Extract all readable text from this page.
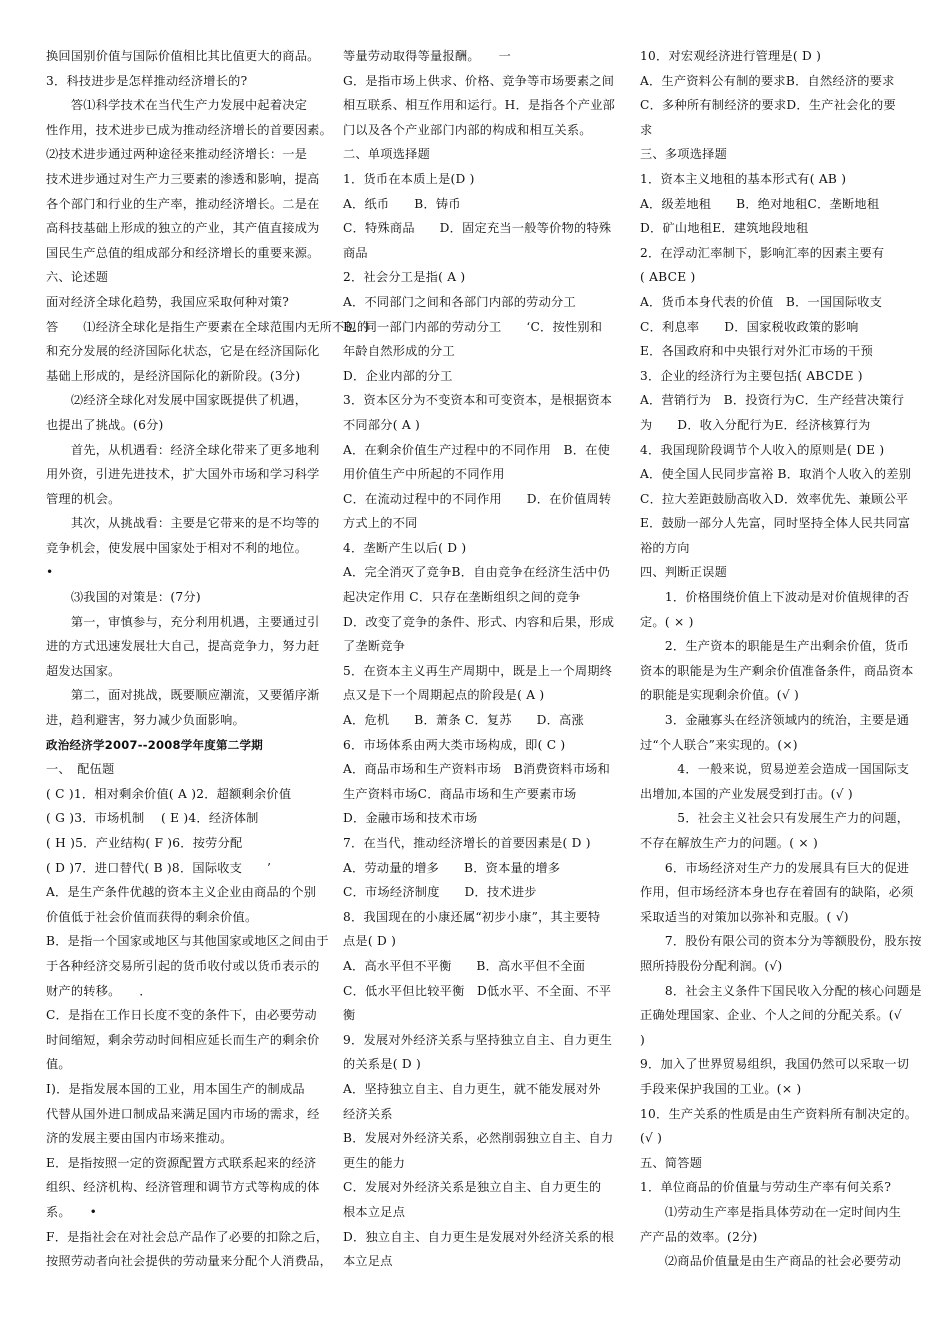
换回国别价值与国际价值相比其比值更大的商品。
3．科技进步是怎样推动经济增长的?
　　答⑴科学技术在当代生产力发展中起着决定
性作用，技术进步已成为推动经济增长的首要因素。
⑵技术进步通过两种途径来推动经济增长：一是
技术进步通过对生产力三要素的渗透和影响，提高
各个部门和行业的生产率，推动经济增长。二是在
高科技基础上形成的独立的产业，其产值直接成为
国民生产总值的组成部分和经济增长的重要来源。
六、论述题
面对经济全球化趋势，我国应采取何种对策?
答　　⑴经济全球化是指生产要素在全球范围内无所不包的
和充分发展的经济国际化状态，它是在经济国际化
基础上形成的，是经济国际化的新阶段。(3分)
　　⑵经济全球化对发展中国家既提供了机遇，
也提出了挑战。(6分)
　　首先，从机遇看：经济全球化带来了更多地利
用外资，引进先进技术，扩大国外市场和学习科学
管理的机会。
　　其次，从挑战看：主要是它带来的是不均等的
竞争机会，使发展中国家处于相对不利的地位。
•
　　⑶我国的对策是：(7分)
　　第一，审慎参与，充分利用机遇，主要通过引
进的方式迅速发展壮大自己，提高竞争力，努力赶
超发达国家。
　　第二，面对挑战，既要顺应潮流，又要循序渐
进，趋利避害，努力减少负面影响。
政治经济学2007--2008学年度第二学期
一、　配伍题
( C )1．相对剩余价值( A )2．超额剩余价值
( G )3．市场机制　 ( E )4．经济体制
( H )5．产业结构( F )6．按劳分配
( D )7．进口替代( B )8．国际收支　　’
A．是生产条件优越的资本主义企业由商品的个别
价值低于社会价值而获得的剩余价值。
B．是指一个国家或地区与其他国家或地区之间由于
于各种经济交易所引起的货币收付或以货币表示的
财产的转移。　　．
C．是指在工作日长度不变的条件下，由必要劳动
时间缩短，剩余劳动时间相应延长而生产的剩余价
值。
I)．是指发展本国的工业，用本国生产的制成品
代替从国外进口制成品来满足国内市场的需求，经
济的发展主要由国内市场来推动。
E．是指按照一定的资源配置方式联系起来的经济
组织、经济机构、经济管理和调节方式等构成的体
系。　　•
F．是指社会在对社会总产品作了必要的扣除之后，
按照劳动者向社会提供的劳动量来分配个人消费品，
等量劳动取得等量报酬。　　一
G．是指市场上供求、价格、竞争等市场要素之间
相互联系、相互作用和运行。H．是指各个产业部
门以及各个产业部门内部的构成和相互关系。
二、单项选择题
1．货币在本质上是(D )
A．纸币　　B．铸币
C．特殊商品　　D．固定充当一般等价物的特殊
商品
2．社会分工是指( A )
A．不同部门之间和各部门内部的劳动分工
B．同一部门内部的劳动分工　　‘C．按性别和
年龄自然形成的分工
D．企业内部的分工
3．资本区分为不变资本和可变资本，是根据资本
不同部分( A )
A．在剩余价值生产过程中的不同作用　B．在使
用价值生产中所起的不同作用
C．在流动过程中的不同作用　　D．在价值周转
方式上的不同
4．垄断产生以后( D )
A．完全消灭了竞争B．自由竞争在经济生活中仍
起决定作用 C．只存在垄断组织之间的竞争
D．改变了竞争的条件、形式、内容和后果，形成
了垄断竞争
5．在资本主义再生产周期中，既是上一个周期终
点又是下一个周期起点的阶段是( A )
A．危机　　B．萧条 C．复苏　　D．高涨
6．市场体系由两大类市场构成，即( C )
A．商品市场和生产资料市场　B消费资料市场和
生产资料市场C．商品市场和生产要素市场
D．金融市场和技术市场
7．在当代，推动经济增长的首要因素是( D )
A．劳动量的增多　　B．资本量的增多
C．市场经济制度　　D．技术进步
8．我国现在的小康还属“初步小康”，其主要特
点是( D )
A．高水平但不平衡　　B．高水平但不全面
C．低水平但比较平衡　D低水平、不全面、不平
衡
9．发展对外经济关系与坚持独立自主、自力更生
的关系是( D )
A．坚持独立自主、自力更生，就不能发展对外
经济关系
B．发展对外经济关系，必然削弱独立自主、自力
更生的能力
C．发展对外经济关系是独立自主、自力更生的
根本立足点
D．独立自主、自力更生是发展对外经济关系的根
本立足点
10．对宏观经济进行管理是( D )
A．生产资料公有制的要求B．自然经济的要求
C．多种所有制经济的要求D．生产社会化的要
求
三、多项选择题
1．资本主义地租的基本形式有( AB )
A．级差地租　　B．绝对地租C．垄断地租
D．矿山地租E．建筑地段地租
2．在浮动汇率制下，影响汇率的因素主要有
( ABCE )
A．货币本身代表的价值　B．一国国际收支
C．利息率　　D．国家税收政策的影响
E．各国政府和中央银行对外汇市场的干预
3．企业的经济行为主要包括( ABCDE )
A．营销行为　B．投资行为C．生产经营决策行
为　　D．收入分配行为E．经济核算行为
4．我国现阶段调节个人收入的原则是( DE )
A．使全国人民同步富裕 B．取消个人收入的差别
C．拉大差距鼓励高收入D．效率优先、兼顾公平
E．鼓励一部分人先富，同时坚持全体人民共同富
裕的方向
四、判断正误题
　　1．价格围绕价值上下波动是对价值规律的否
定。( × )
　　2．生产资本的职能是生产出剩余价值，货币
资本的职能是为生产剩余价值准备条件，商品资本
的职能是实现剩余价值。(√ )
　　3．金融寡头在经济领域内的统治，主要是通
过“个人联合”来实现的。(×)
　　　4．一般来说，贸易逆差会造成一国国际支
出增加,本国的产业发展受到打击。(√ )
　　　5．社会主义社会只有发展生产力的问题，
不存在解放生产力的问题。( × )
　　6．市场经济对生产力的发展具有巨大的促进
作用，但市场经济本身也存在着固有的缺陷，必须
采取适当的对策加以弥补和克服。( √)
　　7．股份有限公司的资本分为等额股份，股东按
照所持股份分配利润。(√)
　　8．社会主义条件下国民收入分配的核心问题是
正确处理国家、企业、个人之间的分配关系。(√
)
9．加入了世界贸易组织，我国仍然可以采取一切
手段来保护我国的工业。(× )
10．生产关系的性质是由生产资料所有制决定的。
(√ )
五、简答题
1．单位商品的价值量与劳动生产率有何关系?
　　⑴劳动生产率是指具体劳动在一定时间内生
产产品的效率。(2分)
　　⑵商品价值量是由生产商品的社会必要劳动
